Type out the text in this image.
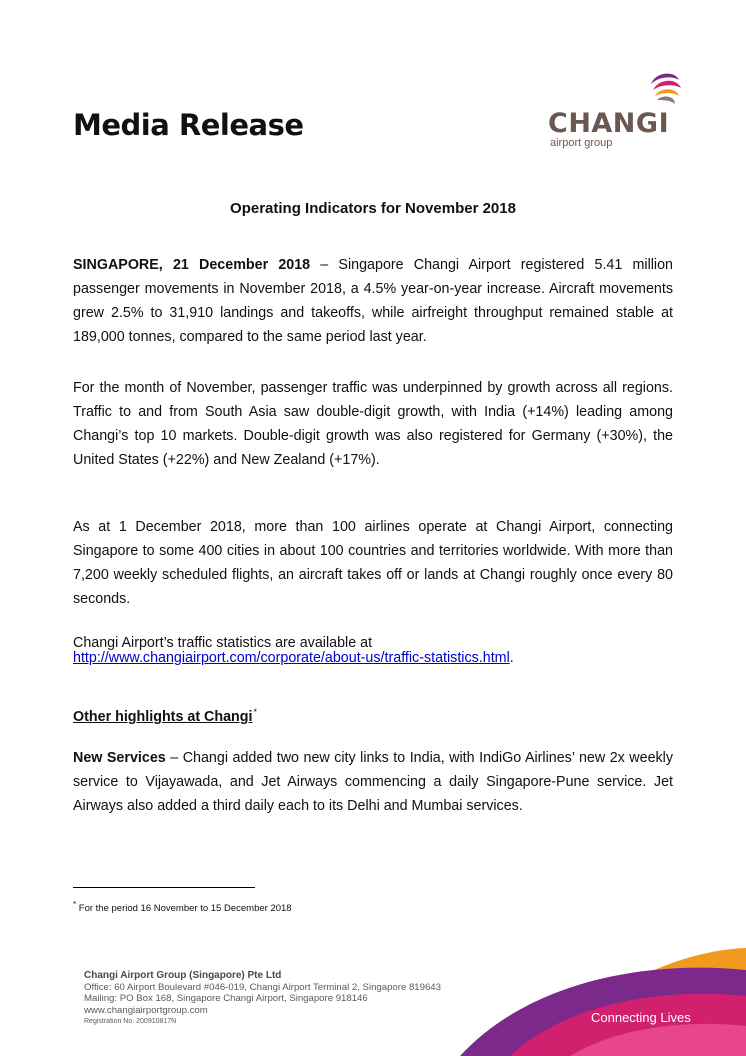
Media Release	CHANGI
airport group
Operating Indicators for November 2018
SINGAPORE, 21 December 2018 – Singapore Changi Airport registered 5.41 million passenger movements in November 2018, a 4.5% year-on-year increase. Aircraft movements grew 2.5% to 31,910 landings and takeoffs, while airfreight throughput remained stable at 189,000 tonnes, compared to the same period last year.
For the month of November, passenger traffic was underpinned by growth across all regions. Traffic to and from South Asia saw double-digit growth, with India (+14%) leading among Changi’s top 10 markets. Double-digit growth was also registered for Germany (+30%), the United States (+22%) and New Zealand (+17%).
As at 1 December 2018, more than 100 airlines operate at Changi Airport, connecting Singapore to some 400 cities in about 100 countries and territories worldwide. With more than 7,200 weekly scheduled flights, an aircraft takes off or lands at Changi roughly once every 80 seconds.
Changi Airport’s traffic statistics are available at
http://www.changiairport.com/corporate/about-us/traffic-statistics.html.
Other highlights at Changi*
New Services – Changi added two new city links to India, with IndiGo Airlines’ new 2x weekly service to Vijayawada, and Jet Airways commencing a daily Singapore-Pune service. Jet Airways also added a third daily each to its Delhi and Mumbai services.
* For the period 16 November to 15 December 2018
Changi Airport Group (Singapore) Pte Ltd
Office: 60 Airport Boulevard #046-019, Changi Airport Terminal 2, Singapore 819643
Mailing: PO Box 168, Singapore Changi Airport, Singapore 918146
www.changiairportgroup.com
Registration No. 200910817N	Connecting Lives
